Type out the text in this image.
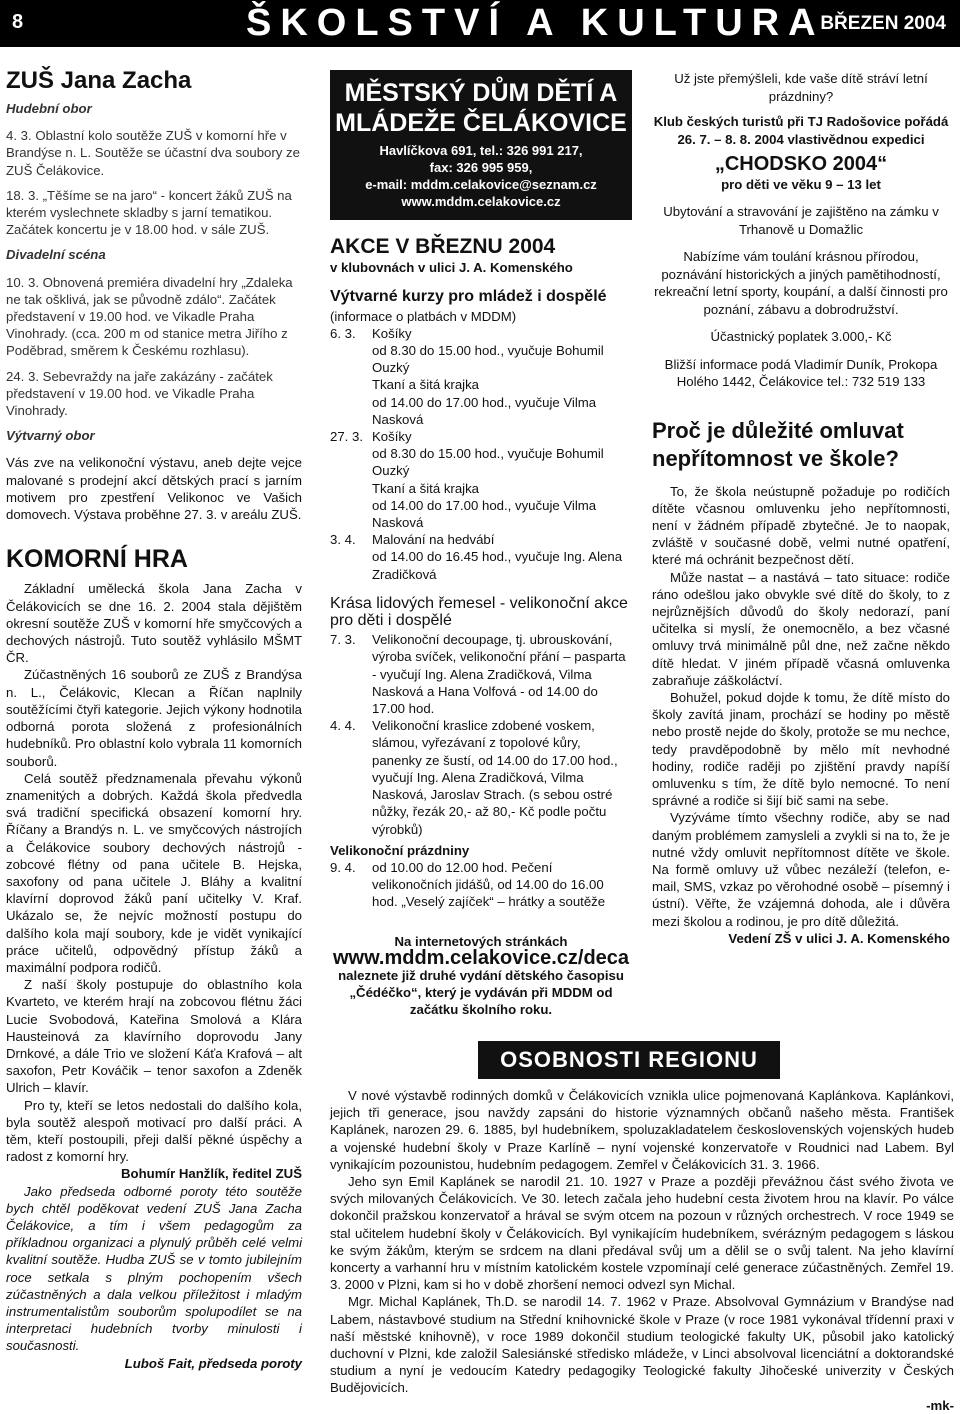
8	ŠKOLSTVÍ A KULTURA
BŘEZEN 2004
ZUŠ Jana Zacha

Hudební obor

4. 3. Oblastní kolo soutěže ZUŠ v komorní hře v Brandýse n. L. Soutěže se účastní dva soubory ze ZUŠ Čelákovice.

18. 3. „Těšíme se na jaro“ - koncert žáků ZUŠ na kterém vyslechnete skladby s jarní tematikou. Začátek koncertu je v 18.00 hod. v sále ZUŠ.

Divadelní scéna

10. 3. Obnovená premiéra divadelní hry „Zdaleka ne tak ošklivá, jak se původně zdálo“. Začátek představení v 19.00 hod. ve Vikadle Praha Vinohrady. (cca. 200 m od stanice metra Jiřího z Poděbrad, směrem k Českému rozhlasu).

24. 3. Sebevraždy na jaře zakázány - začátek představení v 19.00 hod. ve Vikadle Praha Vinohrady.

Výtvarný obor

Vás zve na velikonoční výstavu, aneb dejte vejce malované s prodejní akcí dětských prací s jarním motivem pro zpestření Velikonoc ve Vašich domovech. Výstava proběhne 27. 3. v areálu ZUŠ.

KOMORNÍ HRA

Základní umělecká škola Jana Zacha v Čelákovicích se dne 16. 2. 2004 stala dějištěm okresní soutěže ZUŠ v komorní hře smyčcových a dechových nástrojů. Tuto soutěž vyhlásilo MŠMT ČR.

Zúčastněných 16 souborů ze ZUŠ z Brandýsa n. L., Čelákovic, Klecan a Říčan naplnily soutěžícími čtyři kategorie. Jejich výkony hodnotila odborná porota složená z profesionálních hudebníků. Pro oblastní kolo vybrala 11 komorních souborů.

Celá soutěž předznamenala převahu výkonů znamenitých a dobrých. Každá škola předvedla svá tradiční specifická obsazení komorní hry. Říčany a Brandýs n. L. ve smyčcových nástrojích a Čelákovice soubory dechových nástrojů - zobcové flétny od pana učitele B. Hejska, saxofony od pana učitele J. Bláhy a kvalitní klavírní doprovod žáků paní učitelky V. Kraf. Ukázalo se, že nejvíc možností postupu do dalšího kola mají soubory, kde je vidět vynikající práce učitelů, odpovědný přístup žáků a maximální podpora rodičů.

Z naší školy postupuje do oblastního kola Kvarteto, ve kterém hrají na zobcovou flétnu žáci Lucie Svobodová, Kateřina Smolová a Klára Hausteinová za klavírního doprovodu Jany Drnkové, a dále Trio ve složení Káťa Krafová – alt saxofon, Petr Kováčik – tenor saxofon a Zdeněk Ulrich – klavír.

Pro ty, kteří se letos nedostali do dalšího kola, byla soutěž alespoň motivací pro další práci. A těm, kteří postoupili, přeji další pěkné úspěchy a radost z komorní hry.

Bohumír Hanžlík, ředitel ZUŠ

Jako předseda odborné poroty této soutěže bych chtěl poděkovat vedení ZUŠ Jana Zacha Čelákovice, a tím i všem pedagogům za příkladnou organizaci a plynulý průběh celé velmi kvalitní soutěže. Hudba ZUŠ se v tomto jubilejním roce setkala s plným pochopením všech zúčastněných a dala velkou příležitost i mladým instrumentalistům souborům spolupodílet se na interpretaci hudebních tvorby minulosti i současnosti.

Luboš Fait, předseda poroty

MĚSTSKÝ DŮM DĚTÍ A MLÁDEŽE ČELÁKOVICE
Havlíčkova 691, tel.: 326 991 217,
fax: 326 995 959,
e-mail: mddm.celakovice@seznam.cz
www.mddm.celakovice.cz
AKCE V BŘEZNU 2004

v klubovnách v ulici J. A. Komenského

Výtvarné kurzy pro mládež i dospělé

(informace o platbách v MDDM)

6. 3.	Košíky
od 8.30 do 15.00 hod., vyučuje Bohumil Ouzký
Tkaní a šitá krajka
od 14.00 do 17.00 hod., vyučuje Vilma Nasková
27. 3. Košíky
od 8.30 do 15.00 hod., vyučuje Bohumil Ouzký
Tkaní a šitá krajka
od 14.00 do 17.00 hod., vyučuje Vilma Nasková
3. 4.	Malování na hedvábí
od 14.00 do 16.45 hod., vyučuje Ing. Alena Zradičková

Krása lidových řemesel - velikonoční akce pro děti i dospělé

7. 3.	Velikonoční decoupage, tj. ubrouskování, výroba svíček, velikonoční přání – pasparta - vyučují Ing. Alena Zradičková, Vilma Nasková a Hana Volfová - od 14.00 do 17.00 hod.
4. 4.	Velikonoční kraslice zdobené voskem, slámou, vyřezávaní z topolové kůry, panenky ze šustí, od 14.00 do 17.00 hod., vyučují Ing. Alena Zradičková, Vilma Nasková, Jaroslav Strach. (s sebou ostré nůžky, řezák 20,- až 80,- Kč podle počtu výrobků)

Velikonoční prázdniny

9. 4.	od 10.00 do 12.00 hod. Pečení velikonočních jidášů, od 14.00 do 16.00 hod. „Veselý zajíček“ – hrátky a soutěže

Na internetových stránkách

www.mddm.celakovice.cz/deca

naleznete již druhé vydání dětského časopisu „Čédéčko“, který je vydáván při MDDM od začátku školního roku.

Už jste přemýšleli, kde vaše dítě stráví letní prázdniny?

Klub českých turistů při TJ Radošovice pořádá 26. 7. – 8. 8. 2004 vlastivědnou expedici

„CHODSKO 2004“

pro děti ve věku 9 – 13 let

Ubytování a stravování je zajištěno na zámku v Trhanově u Domažlic

Nabízíme vám toulání krásnou přírodou, poznávání historických a jiných pamětihodností, rekreační letní sporty, koupání, a další činnosti pro poznání, zábavu a dobrodružství.

Účastnický poplatek 3.000,- Kč

Bližší informace podá Vladimír Duník, Prokopa Holého 1442, Čelákovice tel.: 732 519 133

Proč je důležité omluvat nepřítomnost ve škole?

To, že škola neústupně požaduje po rodičích dítěte včasnou omluvenku jeho nepřítomnosti, není v žádném případě zbytečné. Je to naopak, zvláště v současné době, velmi nutné opatření, které má ochránit bezpečnost dětí.

Může nastat – a nastává – tato situace: rodiče ráno odešlou jako obvykle své dítě do školy, to z nejrůznějších důvodů do školy nedorazí, paní učitelka si myslí, že onemocnělo, a bez včasné omluvy trvá minimálně půl dne, než začne někdo dítě hledat. V jiném případě včasná omluvenka zabraňuje záškoláctví.

Bohužel, pokud dojde k tomu, že dítě místo do školy zavítá jinam, prochází se hodiny po městě nebo prostě nejde do školy, protože se mu nechce, tedy pravděpodobně by mělo mít nevhodné hodiny, rodiče raději po zjištění pravdy napíší omluvenku s tím, že dítě bylo nemocné. To není správné a rodiče si šijí bič sami na sebe.

Vyzýváme tímto všechny rodiče, aby se nad daným problémem zamysleli a zvykli si na to, že je nutné vždy omluvit nepřítomnost dítěte ve škole. Na formě omluvy už vůbec nezáleží (telefon, e-mail, SMS, vzkaz po věrohodné osobě – písemný i ústní). Věřte, že vzájemná dohoda, ale i důvěra mezi školou a rodinou, je pro dítě důležitá.

Vedení ZŠ v ulici J. A. Komenského

OSOBNOSTI REGIONU

V nové výstavbě rodinných domků v Čelákovicích vznikla ulice pojmenovaná Kaplánkova. Kaplánkovi, jejich tři generace, jsou navždy zapsáni do historie významných občanů našeho města. František Kaplánek, narozen 29. 6. 1885, byl hudebníkem, spoluzakladatelem československých vojenských hudeb a vojenské hudební školy v Praze Karlíně – nyní vojenské konzervatoře v Roudnici nad Labem. Byl vynikajícím pozounistou, hudebním pedagogem. Zemřel v Čelákovicích 31. 3. 1966.

Jeho syn Emil Kaplánek se narodil 21. 10. 1927 v Praze a později převážnou část svého života ve svých milovaných Čelákovicích. Ve 30. letech začala jeho hudební cesta životem hrou na klavír. Po válce dokončil pražskou konzervatoř a hrával se svým otcem na pozoun v různých orchestrech. V roce 1949 se stal učitelem hudební školy v Čelákovicích. Byl vynikajícím hudebníkem, svérázným pedagogem s láskou ke svým žákům, kterým se srdcem na dlani předával svůj um a dělil se o svůj talent. Na jeho klavírní koncerty a varhanní hru v místním katolickém kostele vzpomínají celé generace zúčastněných. Zemřel 19. 3. 2000 v Plzni, kam si ho v době zhoršení nemoci odvezl syn Michal.

Mgr. Michal Kaplánek, Th.D. se narodil 14. 7. 1962 v Praze. Absolvoval Gymnázium v Brandýse nad Labem, nástavbové studium na Střední knihovnické škole v Praze (v roce 1981 vykonával třídenní praxi v naší městské knihovně), v roce 1989 dokončil studium teologické fakulty UK, působil jako katolický duchovní v Plzni, kde založil Salesiánské středisko mládeže, v Linci absolvoval licenciátní a doktorandské studium a nyní je vedoucím Katedry pedagogiky Teologické fakulty Jihočeské univerzity v Českých Budějovicích.

-mk-
